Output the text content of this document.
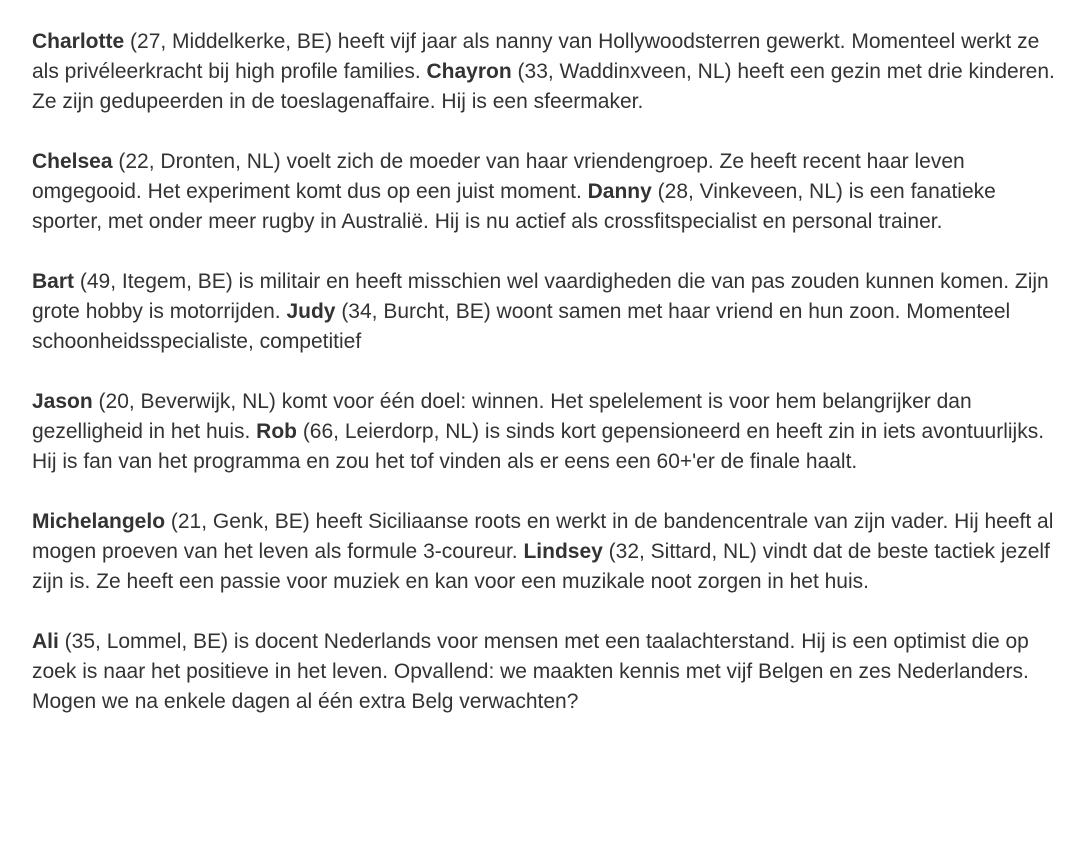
Charlotte (27, Middelkerke, BE) heeft vijf jaar als nanny van Hollywoodsterren gewerkt. Momenteel werkt ze als privéleerkracht bij high profile families. Chayron (33, Waddinxveen, NL) heeft een gezin met drie kinderen. Ze zijn gedupeerden in de toeslagenaffaire. Hij is een sfeermaker.

Chelsea (22, Dronten, NL) voelt zich de moeder van haar vriendengroep. Ze heeft recent haar leven omgegooid. Het experiment komt dus op een juist moment. Danny (28, Vinkeveen, NL) is een fanatieke sporter, met onder meer rugby in Australië. Hij is nu actief als crossfitspecialist en personal trainer.

Bart (49, Itegem, BE) is militair en heeft misschien wel vaardigheden die van pas zouden kunnen komen. Zijn grote hobby is motorrijden. Judy (34, Burcht, BE) woont samen met haar vriend en hun zoon. Momenteel schoonheidsspecialiste, competitief

Jason (20, Beverwijk, NL) komt voor één doel: winnen. Het spelelement is voor hem belangrijker dan gezelligheid in het huis. Rob (66, Leierdorp, NL) is sinds kort gepensioneerd en heeft zin in iets avontuurlijks. Hij is fan van het programma en zou het tof vinden als er eens een 60+'er de finale haalt.

Michelangelo (21, Genk, BE) heeft Siciliaanse roots en werkt in de bandencentrale van zijn vader. Hij heeft al mogen proeven van het leven als formule 3-coureur. Lindsey (32, Sittard, NL) vindt dat de beste tactiek jezelf zijn is. Ze heeft een passie voor muziek en kan voor een muzikale noot zorgen in het huis.

Ali (35, Lommel, BE) is docent Nederlands voor mensen met een taalachterstand. Hij is een optimist die op zoek is naar het positieve in het leven. Opvallend: we maakten kennis met vijf Belgen en zes Nederlanders. Mogen we na enkele dagen al één extra Belg verwachten?
